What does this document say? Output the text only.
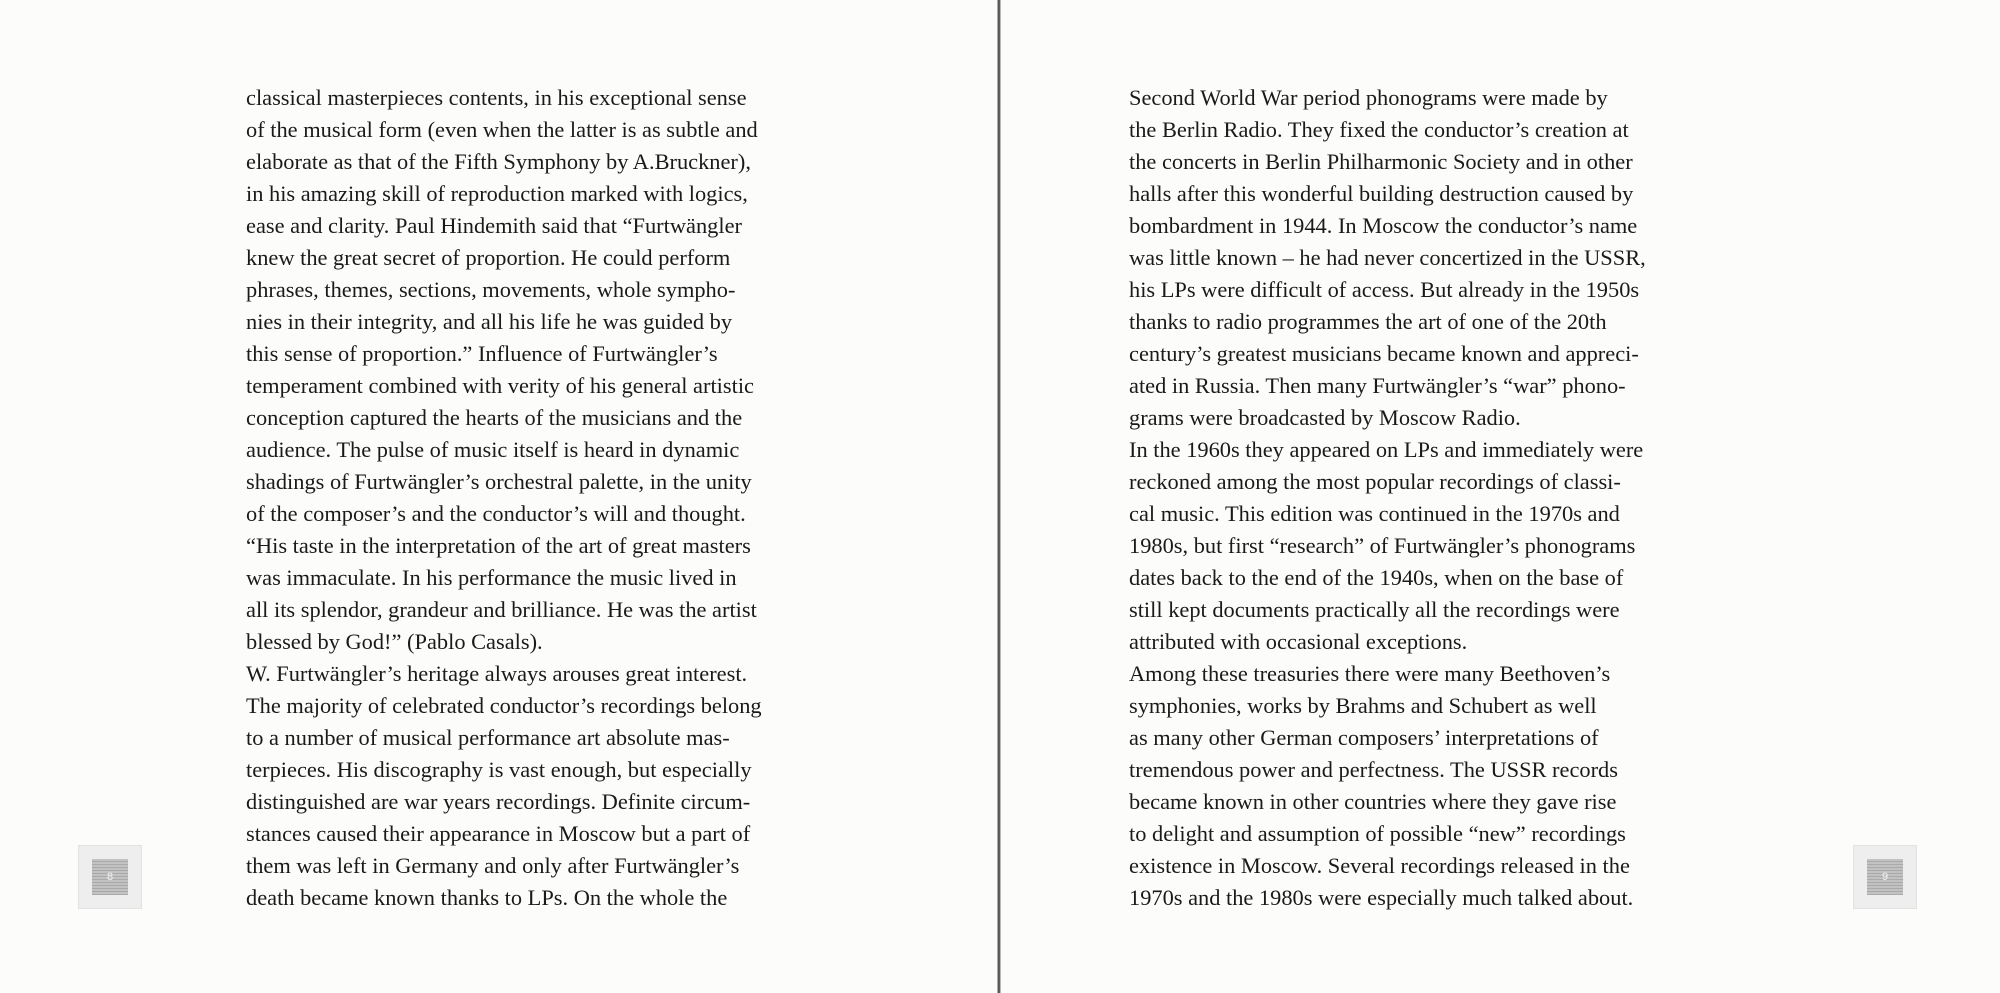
classical masterpieces contents, in his exceptional sense
of the musical form (even when the latter is as subtle and
elaborate as that of the Fifth Symphony by A.Bruckner),
in his amazing skill of reproduction marked with logics,
ease and clarity. Paul Hindemith said that “Furtwängler
knew the great secret of proportion. He could perform
phrases, themes, sections, movements, whole sympho-
nies in their integrity, and all his life he was guided by
this sense of proportion.” Influence of Furtwängler’s
temperament combined with verity of his general artistic
conception captured the hearts of the musicians and the
audience. The pulse of music itself is heard in dynamic
shadings of Furtwängler’s orchestral palette, in the unity
of the composer’s and the conductor’s will and thought.
“His taste in the interpretation of the art of great masters
was immaculate. In his performance the music lived in
all its splendor, grandeur and brilliance. He was the artist
blessed by God!” (Pablo Casals).
W. Furtwängler’s heritage always arouses great interest.
The majority of celebrated conductor’s recordings belong
to a number of musical performance art absolute mas-
terpieces. His discography is vast enough, but especially
distinguished are war years recordings. Definite circum-
stances caused their appearance in Moscow but a part of
them was left in Germany and only after Furtwängler’s
death became known thanks to LPs. On the whole the
8
Second World War period phonograms were made by
the Berlin Radio. They fixed the conductor’s creation at
the concerts in Berlin Philharmonic Society and in other
halls after this wonderful building destruction caused by
bombardment in 1944. In Moscow the conductor’s name
was little known – he had never concertized in the USSR,
his LPs were difficult of access. But already in the 1950s
thanks to radio programmes the art of one of the 20th
century’s greatest musicians became known and appreci-
ated in Russia. Then many Furtwängler’s “war” phono-
grams were broadcasted by Moscow Radio.
In the 1960s they appeared on LPs and immediately were
reckoned among the most popular recordings of classi-
cal music. This edition was continued in the 1970s and
1980s, but first “research” of Furtwängler’s phonograms
dates back to the end of the 1940s, when on the base of
still kept documents practically all the recordings were
attributed with occasional exceptions.
Among these treasuries there were many Beethoven’s
symphonies, works by Brahms and Schubert as well
as many other German composers’ interpretations of
tremendous power and perfectness. The USSR records
became known in other countries where they gave rise
to delight and assumption of possible “new” recordings
existence in Moscow. Several recordings released in the
1970s and the 1980s were especially much talked about.
9
